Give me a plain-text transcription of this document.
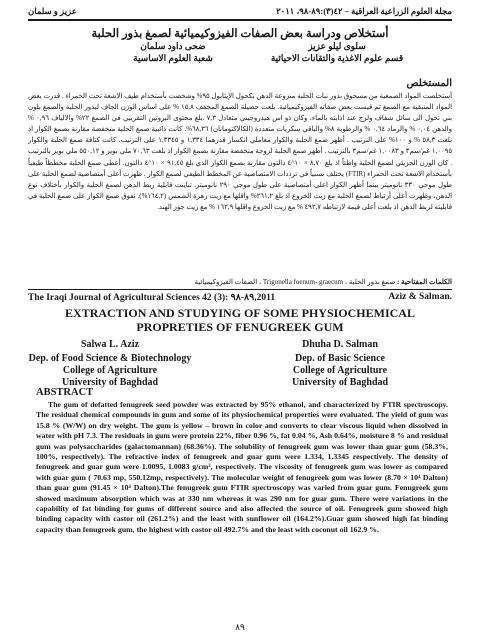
مجلة العلوم الزراعية العراقية – ٤٢(٣):٨٩-٩٨، ٢٠١١
عزيز و سلمان
أستخلاص ودراسة بعض الصفات الفيزوكيميائية لصمغ بذور الحلبة
سلوى ليلو عزيز
قسم علوم الاغذية والتقانات الاحيائية
ضحى داود سلمان
شعبة العلوم الاساسية
المستخلص
أستخلصت المواد الصمغية من مسحوق بذور نبات الحلبة منزوعة الدهن بكحول الإيثانول ٩٥% وشخصت بأستخدام طيف الاشعة تحت الحمراء . قدرت بعض المواد المتبقية مع الصمغ ثم قيست بعض صفاته الفيزوكيميائية. بلغت حصيلة الصمغ المجفف ١٥,٨ % على اساس الوزن الجاف لبذور الحلبة والصمغ بلون بني تحول الى سائل شفاف ولزج عند اذابته بالماء، وكان ذو اس هيدروجيني متعادل ٧,٣ .بلغ محتوى البروتين التقريبي في الصمغ ٢٢% والالياف ٠,٩٦ % والدهن ٠,٠٤ % والرماد ٠,٦٤ % والرطوبة ٨% والباقي سكريات متعددة (الكالاكتومانان) ٦٨,٣٦%. كانت ذائبية صمغ الحلبة منخفضة مقارنة بصمغ الكوار اذ بلغت ٥٨,٣ % و ١٠٠% على الترتيب . أظهر صمغ الحلبة والكوار معاملي انكسار قدرهما ١,٣٣٤ و ١,٣٣٤٥ على الترتيب. كانت كثافة صمغ الحلبة والكوار ١,٠٠٩٥ غم/سم٣ و ١,٠٠٨٣ غم/سم٣ بالترتيب . أظهر صمغ الحلبة لزوجة منخفضة مقارنة بصمغ الكوار اذ بلغت ٧٠,٦٣ ملي بويز و ٥٥٠,١٢ ملي بويز بالترتيب . كان الوزن الجزيئي لصمغ الحلبة واطئاً اذ بلغ ٨,٧٠ × ١٠^٤ دالتون مقارنة بصمغ الكوار الذي بلغ ٩١,٤٥ × ١٠^٤ دالتون. أعطى صمغ الحلبة مخططاً طيفياً بأستخدام الاشعة تحت الحمراء (FTIR) يختلف نسبياً في ترددات الامتصاصية عن المخطط الطيفي لصمغ الكوار . ظهرت أعلى أمتصاصية لصمغ الحلبة على طول موجي ٣٣٠ نانوميتر بينما أظهر الكوار اعلى أمتصاصية على طول موجي ٢٩٠ نانوميتر. تباينت قابلية ربط الدهن لصمغ الحلبة والكوار بأختلاف نوع الدهن، وظهرت أعلى أرتباط لصمغ الحلبة مع زيت الخروع اذ بلغ ٢٦١,٢% واقلها مع زيت زهرة الشمس (١٦٤,٢%). تفوق صمغ الكوار على صمغ الحلبة في قابليته لربط الدهن اذ بلغت أعلى قيمة لارتباطه ٤٩٢,٧ % مع زيت الخروع واقلها ١٦٢,٩ % مع زيت جوز الهند.
الكلمات المفتاحية : صمغ بذور الحلبة ، Trigonella foenum- graecum ، الصفات الفيزوكيميائية
The Iraqi Journal of Agricultural Sciences 42 (3): ٨٩-٩٨,2011	Aziz & Salman.
EXTRACTION AND STUDYING OF SOME PHYSIOCHEMICAL
PROPRETIES OF FENUGREEK GUM
Salwa L. Aziz
Dep. of Food Science & Biotechnology
College of Agriculture
University of Baghdad
Dhuha D. Salman
Dep. of Basic Science
College of Agriculture
University of Baghdad
ABSTRACT
The gum of defatted fenugreek seed powder was extracted by 95% ethanol, and characterized by FTIR spectroscopy. The residual chemical compounds in gum and some of its physiochemical properties were evaluated. The yield of gum was 15.8 % (W/W) on dry weight. The gum is yellow – brown in color and converts to clear viscous liquid when dissolved in water with pH 7.3. The residuals in gum were protein 22%, fiber 0.96 %, fat 0.04 %, Ash 0.64%, moisture 8 % and residual gum was polysaccharides (galactomannan) (68.36%). The solubility of fenugreek gum was lower than guar gum (58.3%, 100%, respectively). The refractive index of fenugreek and guar gum were 1.334, 1.3345 respectively. The density of fenugreek and guar gum were 1.0095, 1.0083 g/cm³, respectively. The viscosity of fenugreek gum was lower as compared with guar gum ( 70.63 mp, 550.12mp, respectively). The molecular weight of fenugreek gum was lower (8.70 × 10⁴ Dalton) than guar gum (91.45 × 10⁴ Dalton).The fenugreek gum FTIR spectroscopy was varied from guar gum. Fenugreek gum showed maximum absorption which was at 330 nm whereas it was 290 nm for guar gum. There were variations in the capability of fat binding for gums of different source and also affected the source of oil. Fenugreek gum showed high binding capacity with castor oil (261.2%) and the least with sunflower oil (164.2%).Guar gum showed high fat binding capacity than fenugreek gum, the highest with castor oil 492.7% and the least with coconut oil 162.9 %.
٨٩
